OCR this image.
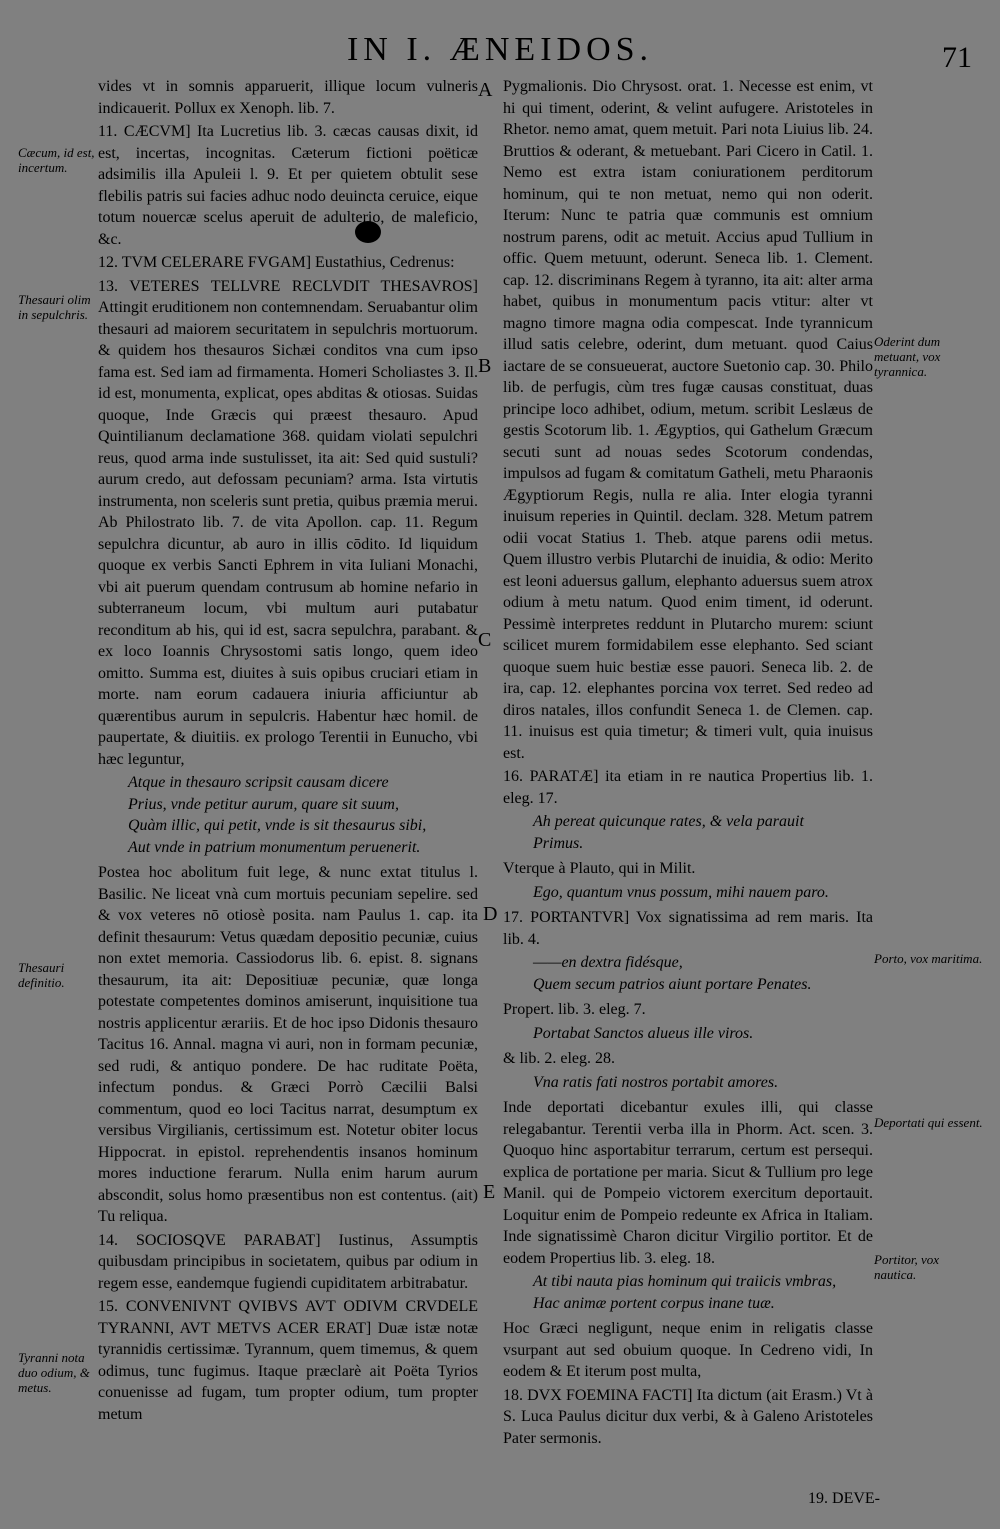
IN I. ÆNEIDOS.	71

vides vt in somnis apparuerit, illique locum vulneris indicauerit. Pollux ex Xenoph. lib. 7.

11. CÆCVM] Ita Lucretius lib. 3. cæcas causas dixit, id est, incertas, incognitas. Cæterum fictioni poëticæ adsimilis illa Apuleii l. 9. Et per quietem obtulit sese flebilis patris sui facies adhuc nodo deuincta ceruice, eique totum nouercæ scelus aperuit de adulterio, de maleficio, &c.

12. TVM CELERARE FVGAM] Eustathius, Cedrenus:

13. VETERES TELLVRE RECLVDIT THESAVROS] Attingit eruditionem non contemnendam. Seruabantur olim thesauri ad maiorem securitatem in sepulchris mortuorum. & quidem hos thesauros Sichæi conditos vna cum ipso fama est. Sed iam ad firmamenta. Homeri Scholiastes 3. Il. id est, monumenta, explicat, opes abditas & otiosas. Suidas quoque, Inde Græcis qui præest thesauro. Apud Quintilianum declamatione 368. quidam violati sepulchri reus, quod arma inde sustulisset, ita ait: Sed quid sustuli? aurum credo, aut defossam pecuniam? arma. Ista virtutis instrumenta, non sceleris sunt pretia, quibus præmia merui. Ab Philostrato lib. 7. de vita Apollon. cap. 11. Regum sepulchra dicuntur, ab auro in illis cōdito. Id liquidum quoque ex verbis Sancti Ephrem in vita Iuliani Monachi, vbi ait puerum quendam contrusum ab homine nefario in subterraneum locum, vbi multum auri putabatur reconditum ab his, qui id est, sacra sepulchra, parabant. & ex loco Ioannis Chrysostomi satis longo, quem ideo omitto. Summa est, diuites à suis opibus cruciari etiam in morte. nam eorum cadauera iniuria afficiuntur ab quærentibus aurum in sepulcris. Habentur hæc homil. de paupertate, & diuitiis. ex prologo Terentii in Eunucho, vbi hæc leguntur,

Atque in thesauro scripsit causam dicere
Prius, vnde petitur aurum, quare sit suum,
Quàm illic, qui petit, vnde is sit thesaurus sibi,
Aut vnde in patrium monumentum peruenerit.

Postea hoc abolitum fuit lege, & nunc extat titulus l. Basilic. Ne liceat vnà cum mortuis pecuniam sepelire. sed & vox veteres nō otiosè posita. nam Paulus 1. cap. ita definit thesaurum: Vetus quædam depositio pecuniæ, cuius non extet memoria. Cassiodorus lib. 6. epist. 8. signans thesaurum, ita ait: Depositiuæ pecuniæ, quæ longa potestate competentes dominos amiserunt, inquisitione tua nostris applicentur ærariis. Et de hoc ipso Didonis thesauro Tacitus 16. Annal. magna vi auri, non in formam pecuniæ, sed rudi, & antiquo pondere. De hac ruditate Poëta, infectum pondus. & Græci Porrò Cæcilii Balsi commentum, quod eo loci Tacitus narrat, desumptum ex versibus Virgilianis, certissimum est. Notetur obiter locus Hippocrat. in epistol. reprehendentis insanos hominum mores inductione ferarum. Nulla enim harum aurum abscondit, solus homo præsentibus non est contentus. (ait) Tu reliqua.

14. SOCIOSQVE PARABAT] Iustinus, Assumptis quibusdam principibus in societatem, quibus par odium in regem esse, eandemque fugiendi cupiditatem arbitrabatur.

15. CONVENIVNT QVIBVS AVT ODIVM CRVDELE TYRANNI, AVT METVS ACER ERAT] Duæ istæ notæ tyrannidis certissimæ. Tyrannum, quem timemus, & quem odimus, tunc fugimus. Itaque præclarè ait Poëta Tyrios conuenisse ad fugam, tum propter odium, tum propter metum

Pygmalionis. Dio Chrysost. orat. 1. Necesse est enim, vt hi qui timent, oderint, & velint aufugere. Aristoteles in Rhetor. nemo amat, quem metuit. Pari nota Liuius lib. 24. Bruttios & oderant, & metuebant. Pari Cicero in Catil. 1. Nemo est extra istam coniurationem perditorum hominum, qui te non metuat, nemo qui non oderit. Iterum: Nunc te patria quæ communis est omnium nostrum parens, odit ac metuit. Accius apud Tullium in offic. Quem metuunt, oderunt. Seneca lib. 1. Clement. cap. 12. discriminans Regem à tyranno, ita ait: alter arma habet, quibus in monumentum pacis vtitur: alter vt magno timore magna odia compescat. Inde tyrannicum illud satis celebre, oderint, dum metuant. quod Caius iactare de se consueuerat, auctore Suetonio cap. 30. Philo lib. de perfugis, cùm tres fugæ causas constituat, duas principe loco adhibet, odium, metum. scribit Leslæus de gestis Scotorum lib. 1. Ægyptios, qui Gathelum Græcum secuti sunt ad nouas sedes Scotorum condendas, impulsos ad fugam & comitatum Gatheli, metu Pharaonis Ægyptiorum Regis, nulla re alia. Inter elogia tyranni inuisum reperies in Quintil. declam. 328. Metum patrem odii vocat Statius 1. Theb. atque parens odii metus. Quem illustro verbis Plutarchi de inuidia, & odio: Merito est leoni aduersus gallum, elephanto aduersus suem atrox odium à metu natum. Quod enim timent, id oderunt. Pessimè interpretes reddunt in Plutarcho murem: sciunt scilicet murem formidabilem esse elephanto. Sed sciant quoque suem huic bestiæ esse pauori. Seneca lib. 2. de ira, cap. 12. elephantes porcina vox terret. Sed redeo ad diros natales, illos confundit Seneca 1. de Clemen. cap. 11. inuisus est quia timetur; & timeri vult, quia inuisus est.

16. PARATÆ] ita etiam in re nautica Propertius lib. 1. eleg. 17.

Ah pereat quicunque rates, & vela parauit
Primus.

Vterque à Plauto, qui in Milit.

Ego, quantum vnus possum, mihi nauem paro.

17. PORTANTVR] Vox signatissima ad rem maris. Ita lib. 4.

——en dextra fidésque,
Quem secum patrios aiunt portare Penates.

Propert. lib. 3. eleg. 7.

Portabat Sanctos alueus ille viros.

& lib. 2. eleg. 28.

Vna ratis fati nostros portabit amores.

Inde deportati dicebantur exules illi, qui classe relegabantur. Terentii verba illa in Phorm. Act. scen. 3. Quoquo hinc asportabitur terrarum, certum est persequi. explica de portatione per maria. Sicut & Tullium pro lege Manil. qui de Pompeio victorem exercitum deportauit. Loquitur enim de Pompeio redeunte ex Africa in Italiam. Inde signatissimè Charon dicitur Virgilio portitor. Et de eodem Propertius lib. 3. eleg. 18.

At tibi nauta pias hominum qui traiicis vmbras,
Hac animæ portent corpus inane tuæ.

Hoc Græci negligunt, neque enim in religatis classe vsurpant aut sed obuium quoque. In Cedreno vidi, In eodem & Et iterum post multa,

18. DVX FOEMINA FACTI] Ita dictum (ait Erasm.) Vt à S. Luca Paulus dicitur dux verbi, & à Galeno Aristoteles Pater sermonis.

A
B
C
D
E
Cæcum, id est, incertum.
Thesauri olim in sepulchris.
Oderint dum metuant, vox tyrannica.
Thesauri definitio.
Porto, vox maritima.
Deportati qui essent.
Portitor, vox nautica.
Tyranni nota duo odium, & metus.
19. DEVE-
